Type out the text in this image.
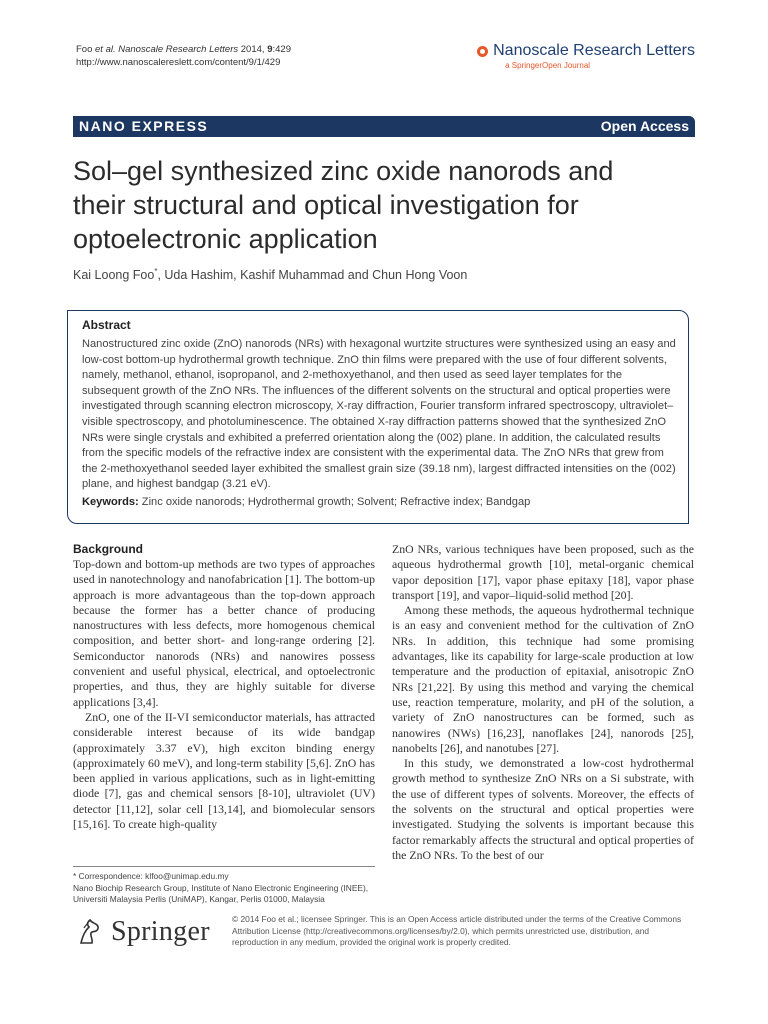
Foo et al. Nanoscale Research Letters 2014, 9:429
http://www.nanoscalereslett.com/content/9/1/429
Nanoscale Research Letters
a SpringerOpen Journal
NANO EXPRESS	Open Access
Sol–gel synthesized zinc oxide nanorods and their structural and optical investigation for optoelectronic application
Kai Loong Foo*, Uda Hashim, Kashif Muhammad and Chun Hong Voon
Abstract

Nanostructured zinc oxide (ZnO) nanorods (NRs) with hexagonal wurtzite structures were synthesized using an easy and low-cost bottom-up hydrothermal growth technique. ZnO thin films were prepared with the use of four different solvents, namely, methanol, ethanol, isopropanol, and 2-methoxyethanol, and then used as seed layer templates for the subsequent growth of the ZnO NRs. The influences of the different solvents on the structural and optical properties were investigated through scanning electron microscopy, X-ray diffraction, Fourier transform infrared spectroscopy, ultraviolet–visible spectroscopy, and photoluminescence. The obtained X-ray diffraction patterns showed that the synthesized ZnO NRs were single crystals and exhibited a preferred orientation along the (002) plane. In addition, the calculated results from the specific models of the refractive index are consistent with the experimental data. The ZnO NRs that grew from the 2-methoxyethanol seeded layer exhibited the smallest grain size (39.18 nm), largest diffracted intensities on the (002) plane, and highest bandgap (3.21 eV).

Keywords: Zinc oxide nanorods; Hydrothermal growth; Solvent; Refractive index; Bandgap
Background

Top-down and bottom-up methods are two types of approaches used in nanotechnology and nanofabrication [1]. The bottom-up approach is more advantageous than the top-down approach because the former has a better chance of producing nanostructures with less defects, more homogenous chemical composition, and better short- and long-range ordering [2]. Semiconductor nanorods (NRs) and nanowires possess convenient and useful physical, electrical, and optoelectronic properties, and thus, they are highly suitable for diverse applications [3,4].

ZnO, one of the II-VI semiconductor materials, has attracted considerable interest because of its wide bandgap (approximately 3.37 eV), high exciton binding energy (approximately 60 meV), and long-term stability [5,6]. ZnO has been applied in various applications, such as in light-emitting diode [7], gas and chemical sensors [8-10], ultraviolet (UV) detector [11,12], solar cell [13,14], and biomolecular sensors [15,16]. To create high-quality

ZnO NRs, various techniques have been proposed, such as the aqueous hydrothermal growth [10], metal-organic chemical vapor deposition [17], vapor phase epitaxy [18], vapor phase transport [19], and vapor–liquid-solid method [20].

Among these methods, the aqueous hydrothermal technique is an easy and convenient method for the cultivation of ZnO NRs. In addition, this technique had some promising advantages, like its capability for large-scale production at low temperature and the production of epitaxial, anisotropic ZnO NRs [21,22]. By using this method and varying the chemical use, reaction temperature, molarity, and pH of the solution, a variety of ZnO nanostructures can be formed, such as nanowires (NWs) [16,23], nanoflakes [24], nanorods [25], nanobelts [26], and nanotubes [27].

In this study, we demonstrated a low-cost hydrothermal growth method to synthesize ZnO NRs on a Si substrate, with the use of different types of solvents. Moreover, the effects of the solvents on the structural and optical properties were investigated. Studying the solvents is important because this factor remarkably affects the structural and optical properties of the ZnO NRs. To the best of our

* Correspondence: klfoo@unimap.edu.my
Nano Biochip Research Group, Institute of Nano Electronic Engineering (INEE), Universiti Malaysia Perlis (UniMAP), Kangar, Perlis 01000, Malaysia
Springer	© 2014 Foo et al.; licensee Springer. This is an Open Access article distributed under the terms of the Creative Commons Attribution License (http://creativecommons.org/licenses/by/2.0), which permits unrestricted use, distribution, and reproduction in any medium, provided the original work is properly credited.
